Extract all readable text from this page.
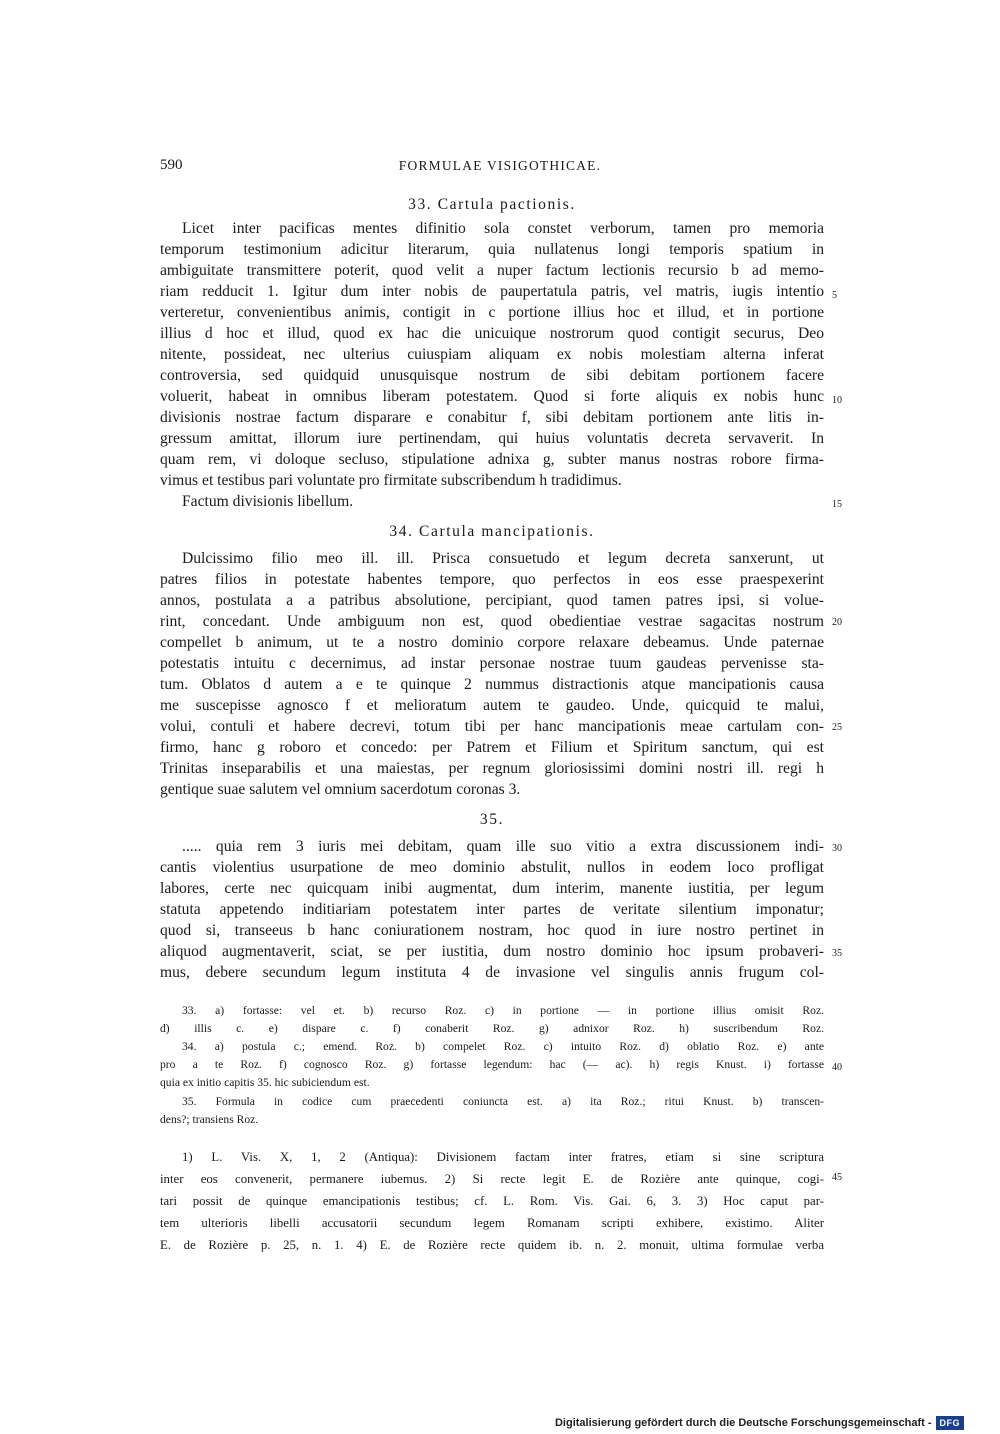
590	FORMULAE VISIGOTHICAE.
33. Cartula pactionis.
Licet inter pacificas mentes difinitio sola constet verborum, tamen pro memoria
temporum testimonium adicitur literarum, quia nullatenus longi temporis spatium in
ambiguitate transmittere poterit, quod velit a nuper factum lectionis recursio b ad memo-
riam redducit 1. Igitur dum inter nobis de paupertatula patris, vel matris, iugis intentio
verteretur, convenientibus animis, contigit in c portione illius hoc et illud, et in portione
illius d hoc et illud, quod ex hac die unicuique nostrorum quod contigit securus, Deo
nitente, possideat, nec ulterius cuiuspiam aliquam ex nobis molestiam alterna inferat
controversia, sed quidquid unusquisque nostrum de sibi debitam portionem facere
voluerit, habeat in omnibus liberam potestatem. Quod si forte aliquis ex nobis hunc
divisionis nostrae factum disparare e conabitur f, sibi debitam portionem ante litis in-
gressum amittat, illorum iure pertinendam, qui huius voluntatis decreta servaverit. In
quam rem, vi doloque secluso, stipulatione adnixa g, subter manus nostras robore firma-
vimus et testibus pari voluntate pro firmitate subscribendum h tradidimus.
Factum divisionis libellum.
5
10
15
34. Cartula mancipationis.
Dulcissimo filio meo ill. ill. Prisca consuetudo et legum decreta sanxerunt, ut
patres filios in potestate habentes tempore, quo perfectos in eos esse praespexerint
annos, postulata a a patribus absolutione, percipiant, quod tamen patres ipsi, si volue-
rint, concedant. Unde ambiguum non est, quod obedientiae vestrae sagacitas nostrum
compellet b animum, ut te a nostro dominio corpore relaxare debeamus. Unde paternae
potestatis intuitu c decernimus, ad instar personae nostrae tuum gaudeas pervenisse sta-
tum. Oblatos d autem a e te quinque 2 nummus distractionis atque mancipationis causa
me suscepisse agnosco f et melioratum autem te gaudeo. Unde, quicquid te malui,
volui, contuli et habere decrevi, totum tibi per hanc mancipationis meae cartulam con-
firmo, hanc g roboro et concedo: per Patrem et Filium et Spiritum sanctum, qui est
Trinitas inseparabilis et una maiestas, per regnum gloriosissimi domini nostri ill. regi h
gentique suae salutem vel omnium sacerdotum coronas 3.
20
25
35.
..... quia rem 3 iuris mei debitam, quam ille suo vitio a extra discussionem indi-
cantis violentius usurpatione de meo dominio abstulit, nullos in eodem loco profligat
labores, certe nec quicquam inibi augmentat, dum interim, manente iustitia, per legum
statuta appetendo inditiariam potestatem inter partes de veritate silentium imponatur;
quod si, transeeus b hanc coniurationem nostram, hoc quod in iure nostro pertinet in
aliquod augmentaverit, sciat, se per iustitia, dum nostro dominio hoc ipsum probaveri-
mus, debere secundum legum instituta 4 de invasione vel singulis annis frugum col-
30
35
33. a) fortasse: vel et. b) recurso Roz. c) in portione — in portione illius omisit Roz.
d) illis c. e) dispare c. f) conaberit Roz. g) adnixor Roz. h) suscribendum Roz.
34. a) postula c.; emend. Roz. b) compelet Roz. c) intuito Roz. d) oblatio Roz. e) ante
pro a te Roz. f) cognosco Roz. g) fortasse legendum: hac (— ac). h) regis Knust. i) fortasse
quia ex initio capitis 35. hic subiciendum est.
35. Formula in codice cum praecedenti coniuncta est. a) ita Roz.; ritui Knust. b) transcen-
dens?; transiens Roz.
40
1) L. Vis. X, 1, 2 (Antiqua): Divisionem factam inter fratres, etiam si sine scriptura
inter eos convenerit, permanere iubemus. 2) Si recte legit E. de Rozière ante quinque, cogi-
tari possit de quinque emancipationis testibus; cf. L. Rom. Vis. Gai. 6, 3. 3) Hoc caput par-
tem ulterioris libelli accusatorii secundum legem Romanam scripti exhibere, existimo. Aliter
E. de Rozière p. 25, n. 1. 4) E. de Rozière recte quidem ib. n. 2. monuit, ultima formulae verba
45
Digitalisierung gefördert durch die Deutsche Forschungsgemeinschaft - DFG
